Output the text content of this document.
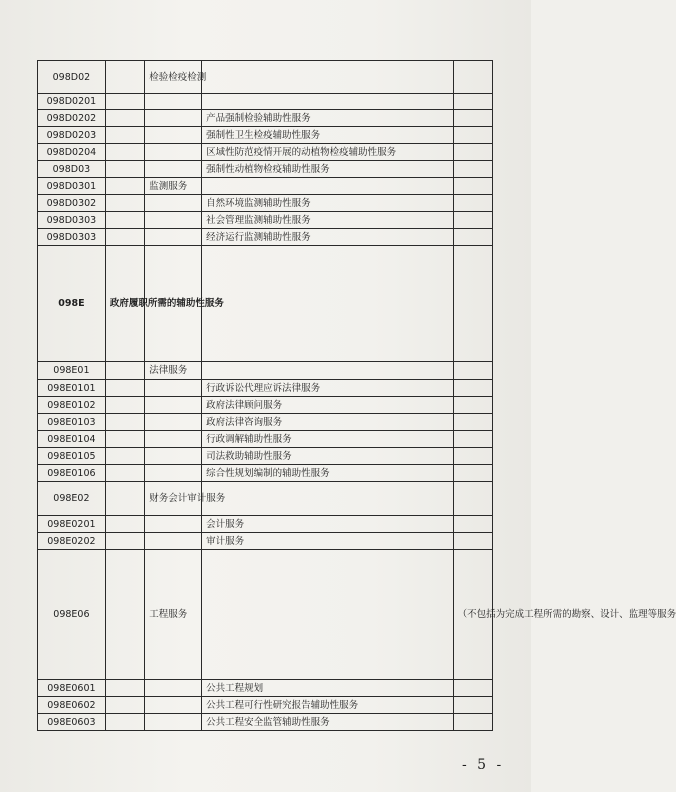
098D02		检验检疫检测		
098D0201				
098D0202			产品强制检验辅助性服务	
098D0203			强制性卫生检疫辅助性服务	
098D0204			区域性防范疫情开展的动植物检疫辅助性服务	
098D03			强制性动植物检疫辅助性服务	
098D0301		监测服务		
098D0302			自然环境监测辅助性服务	
098D0303			社会管理监测辅助性服务	
098D0303			经济运行监测辅助性服务	
098E	政府履职所需的辅助性服务			
098E01		法律服务		
098E0101			行政诉讼代理应诉法律服务	
098E0102			政府法律顾问服务	
098E0103			政府法律咨询服务	
098E0104			行政调解辅助性服务	
098E0105			司法救助辅助性服务	
098E0106			综合性规划编制的辅助性服务	
098E02		财务会计审计服务		
098E0201			会计服务	
098E0202			审计服务	
098E06		工程服务		（不包括为完成工程所需的勘察、设计、监理等服务
098E0601			公共工程规划	
098E0602			公共工程可行性研究报告辅助性服务	
098E0603			公共工程安全监管辅助性服务	
- 5 -
